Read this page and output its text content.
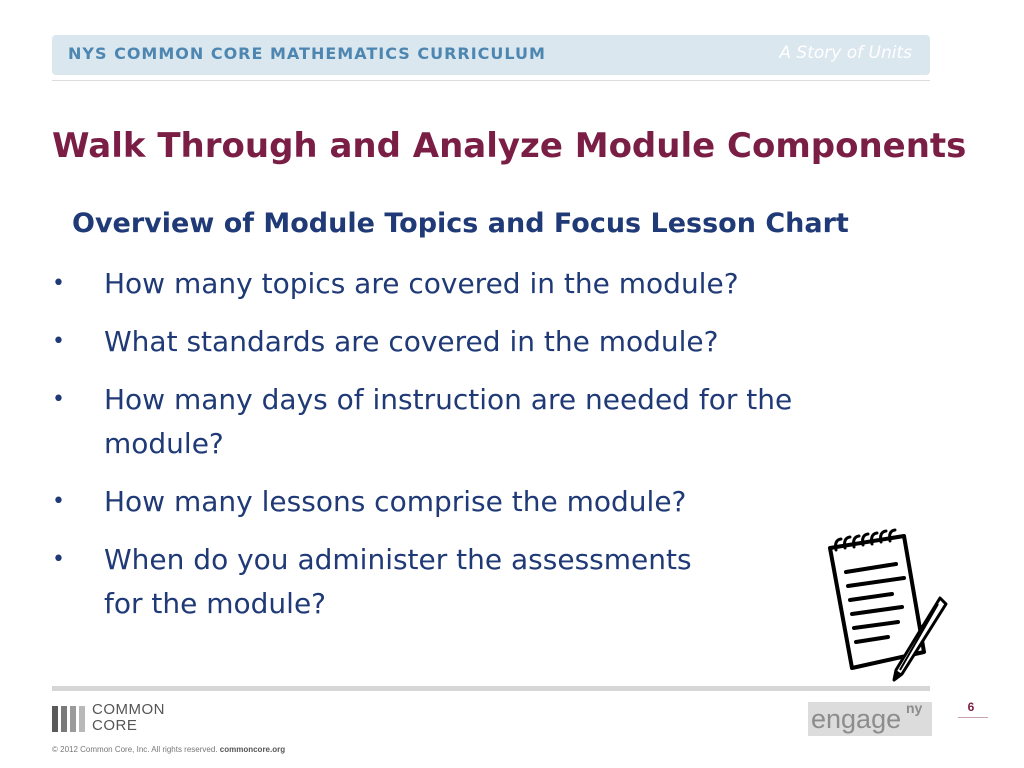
NYS COMMON CORE MATHEMATICS CURRICULUM	A Story of Units
Walk Through and Analyze Module Components
Overview of Module Topics and Focus Lesson Chart
• How many topics are covered in the module?
• What standards are covered in the module?
• How many days of instruction are needed for the
module?
• How many lessons comprise the module?
• When do you administer the assessments
for the module?
COMMON
CORE
© 2012 Common Core, Inc. All rights reserved. commoncore.org
engage ny	6
